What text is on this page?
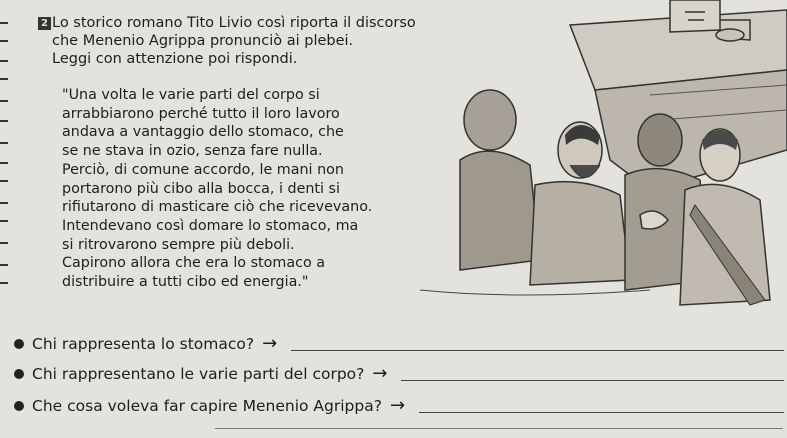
2 Lo storico romano Tito Livio così riporta il discorso
che Menenio Agrippa pronunciò ai plebei.
Leggi con attenzione poi rispondi.

"Una volta le varie parti del corpo si

arrabbiarono perché tutto il loro lavoro

andava a vantaggio dello stomaco, che

se ne stava in ozio, senza fare nulla.

Perciò, di comune accordo, le mani non

portarono più cibo alla bocca, i denti si

rifiutarono di masticare ciò che ricevevano.

Intendevano così domare lo stomaco, ma

si ritrovarono sempre più deboli.

Capirono allora che era lo stomaco a

distribuire a tutti cibo ed energia."

Chi rappresenta lo stomaco? →
Chi rappresentano le varie parti del corpo? →
Che cosa voleva far capire Menenio Agrippa? →
